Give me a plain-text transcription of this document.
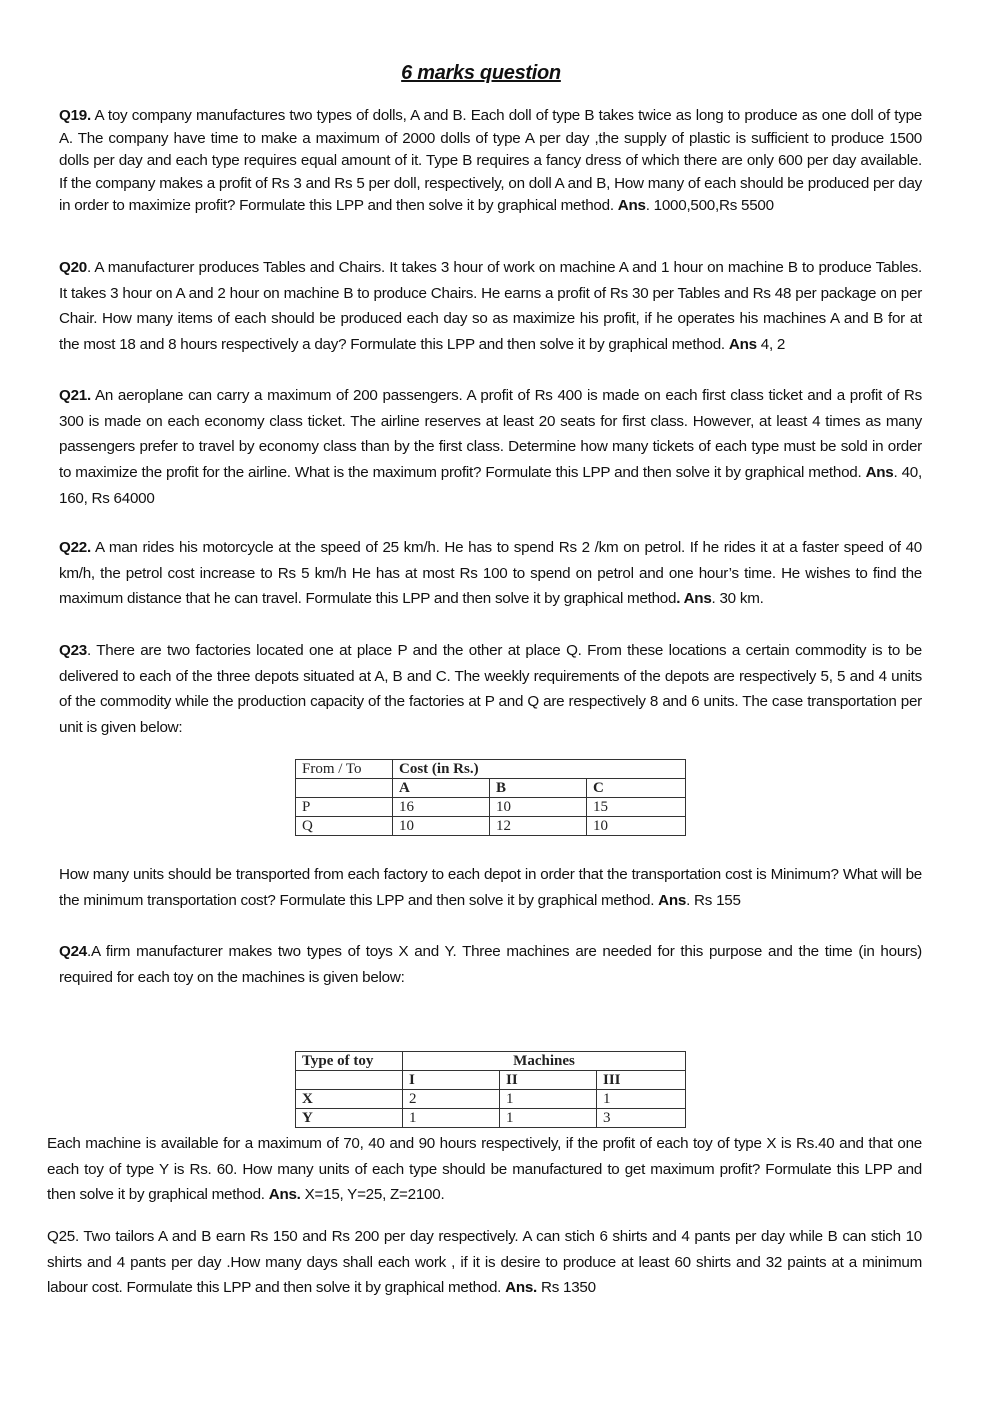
6 marks question
Q19. A toy company manufactures two types of dolls, A and B. Each doll of type B takes twice as long to produce as one doll of type A. The company have time to make a maximum of 2000 dolls of type A per day ,the supply of plastic is sufficient to produce 1500 dolls per day and each type requires equal amount of it. Type B requires a fancy dress of which there are only 600 per day available. If the company makes a profit of Rs 3 and Rs 5 per doll, respectively, on doll A and B, How many of each should be produced per day in order to maximize profit? Formulate this LPP and then solve it by graphical method. Ans. 1000,500,Rs 5500
Q20. A manufacturer produces Tables and Chairs. It takes 3 hour of work on machine A and 1 hour on machine B to produce Tables. It takes 3 hour on A and 2 hour on machine B to produce Chairs. He earns a profit of Rs 30 per Tables and Rs 48 per package on per Chair. How many items of each should be produced each day so as maximize his profit, if he operates his machines A and B for at the most 18 and 8 hours respectively a day? Formulate this LPP and then solve it by graphical method. Ans 4, 2
Q21. An aeroplane can carry a maximum of 200 passengers. A profit of Rs 400 is made on each first class ticket and a profit of Rs 300 is made on each economy class ticket. The airline reserves at least 20 seats for first class. However, at least 4 times as many passengers prefer to travel by economy class than by the first class. Determine how many tickets of each type must be sold in order to maximize the profit for the airline. What is the maximum profit? Formulate this LPP and then solve it by graphical method. Ans. 40, 160, Rs 64000
Q22. A man rides his motorcycle at the speed of 25 km/h. He has to spend Rs 2 /km on petrol. If he rides it at a faster speed of 40 km/h, the petrol cost increase to Rs 5 km/h He has at most Rs 100 to spend on petrol and one hour’s time. He wishes to find the maximum distance that he can travel. Formulate this LPP and then solve it by graphical method. Ans. 30 km.
Q23. There are two factories located one at place P and the other at place Q. From these locations a certain commodity is to be delivered to each of the three depots situated at A, B and C. The weekly requirements of the depots are respectively 5, 5 and 4 units of the commodity while the production capacity of the factories at P and Q are respectively 8 and 6 units. The case transportation per unit is given below:
From / To	Cost (in Rs.)		
	A	B	C
P	16	10	15
Q	10	12	10
How many units should be transported from each factory to each depot in order that the transportation cost is Minimum? What will be the minimum transportation cost? Formulate this LPP and then solve it by graphical method. Ans. Rs 155
Q24.A firm manufacturer makes two types of toys X and Y. Three machines are needed for this purpose and the time (in hours) required for each toy on the machines is given below:
Type of toy	Machines		
	I	II	III
X	2	1	1
Y	1	1	3
Each machine is available for a maximum of 70, 40 and 90 hours respectively, if the profit of each toy of type X is Rs.40 and that one each toy of type Y is Rs. 60. How many units of each type should be manufactured to get maximum profit? Formulate this LPP and then solve it by graphical method. Ans. X=15, Y=25, Z=2100.
Q25. Two tailors A and B earn Rs 150 and Rs 200 per day respectively. A can stich 6 shirts and 4 pants per day while B can stich 10 shirts and 4 pants per day .How many days shall each work , if it is desire to produce at least 60 shirts and 32 paints at a minimum labour cost. Formulate this LPP and then solve it by graphical method. Ans. Rs 1350
